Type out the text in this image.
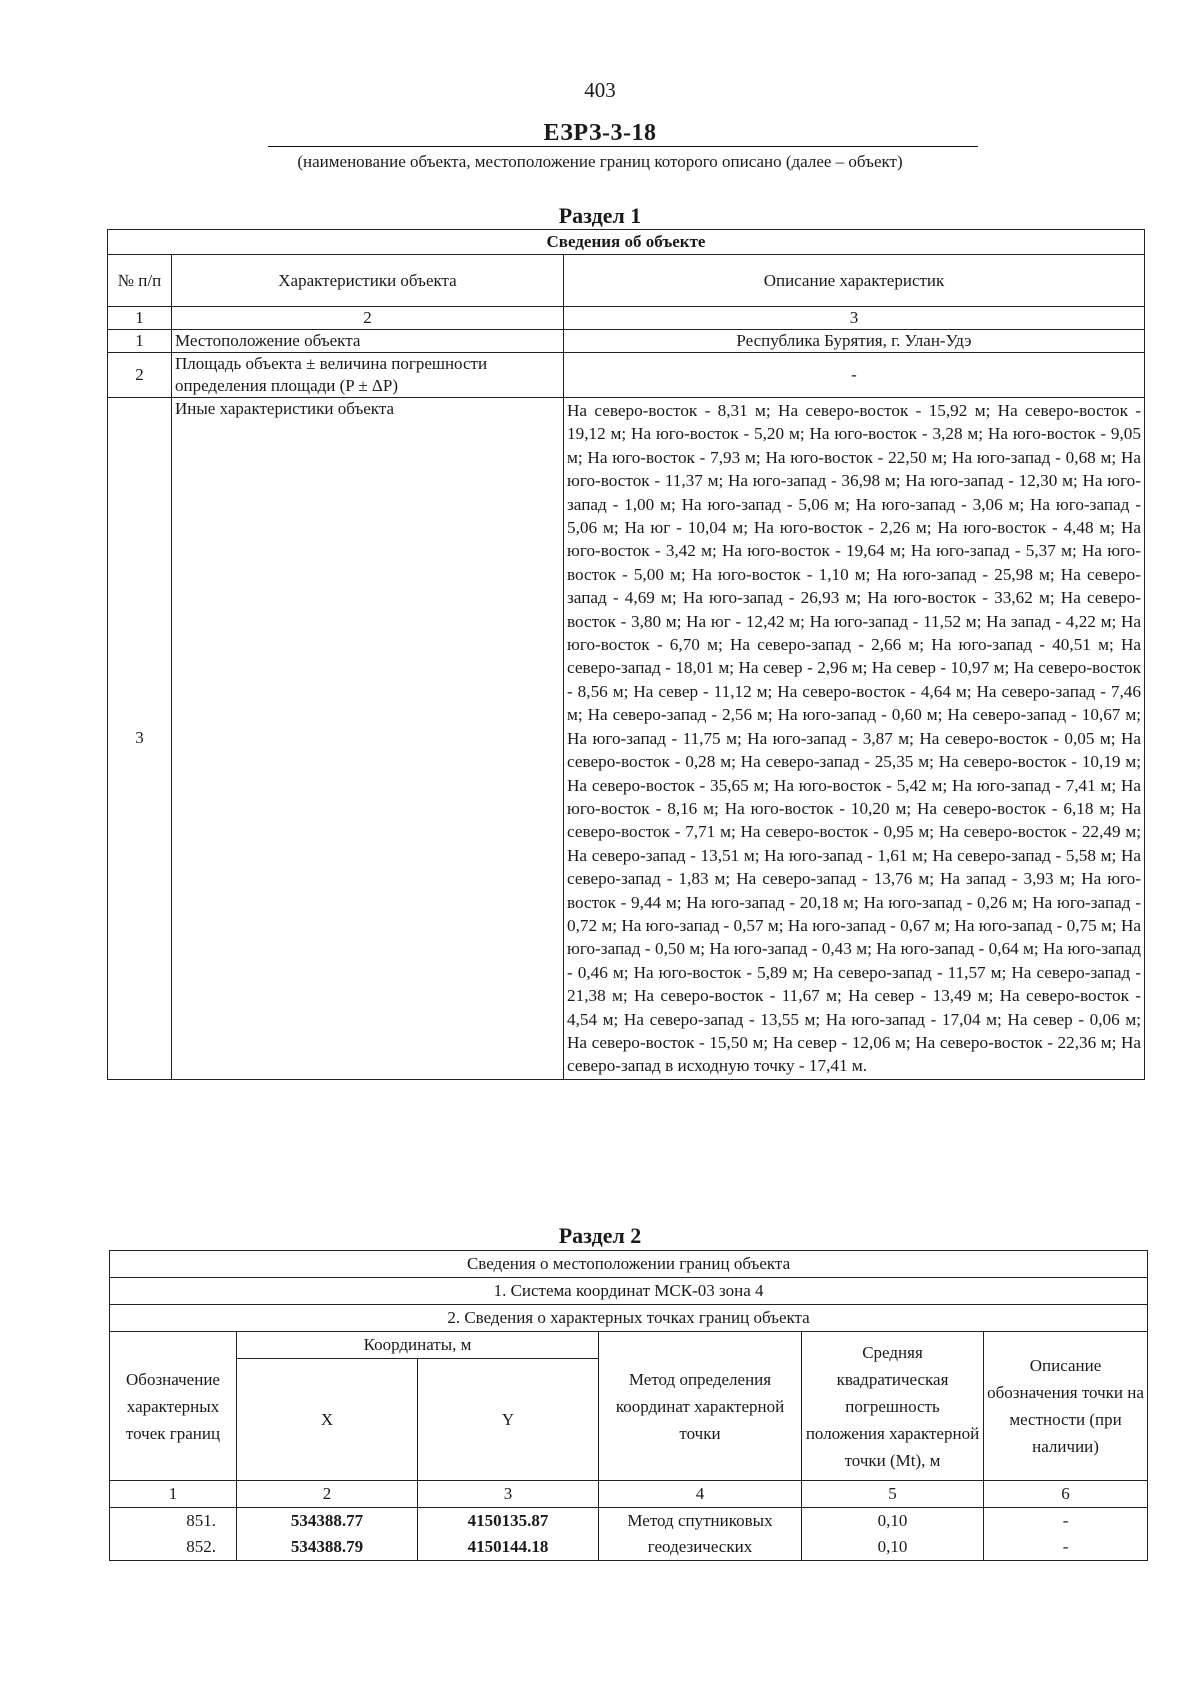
403
ЕЗРЗ-3-18
(наименование объекта, местоположение границ которого описано (далее – объект)
Раздел 1
Сведения об объекте		
№ п/п	Характеристики объекта	Описание характеристик
1	2	3
1	Местоположение объекта	Республика Бурятия, г. Улан-Удэ
2	Площадь объекта ± величина погрешности определения площади (P ± ΔP)	-
3	Иные характеристики объекта	На северо-восток - 8,31 м; На северо-восток - 15,92 м; На северо-восток - 19,12 м; На юго-восток - 5,20 м; На юго-восток - 3,28 м; На юго-восток - 9,05 м; На юго-восток - 7,93 м; На юго-восток - 22,50 м; На юго-запад - 0,68 м; На юго-восток - 11,37 м; На юго-запад - 36,98 м; На юго-запад - 12,30 м; На юго-запад - 1,00 м; На юго-запад - 5,06 м; На юго-запад - 3,06 м; На юго-запад - 5,06 м; На юг - 10,04 м; На юго-восток - 2,26 м; На юго-восток - 4,48 м; На юго-восток - 3,42 м; На юго-восток - 19,64 м; На юго-запад - 5,37 м; На юго-восток - 5,00 м; На юго-восток - 1,10 м; На юго-запад - 25,98 м; На северо-запад - 4,69 м; На юго-запад - 26,93 м; На юго-восток - 33,62 м; На северо-восток - 3,80 м; На юг - 12,42 м; На юго-запад - 11,52 м; На запад - 4,22 м; На юго-восток - 6,70 м; На северо-запад - 2,66 м; На юго-запад - 40,51 м; На северо-запад - 18,01 м; На север - 2,96 м; На север - 10,97 м; На северо-восток - 8,56 м; На север - 11,12 м; На северо-восток - 4,64 м; На северо-запад - 7,46 м; На северо-запад - 2,56 м; На юго-запад - 0,60 м; На северо-запад - 10,67 м; На юго-запад - 11,75 м; На юго-запад - 3,87 м; На северо-восток - 0,05 м; На северо-восток - 0,28 м; На северо-запад - 25,35 м; На северо-восток - 10,19 м; На северо-восток - 35,65 м; На юго-восток - 5,42 м; На юго-запад - 7,41 м; На юго-восток - 8,16 м; На юго-восток - 10,20 м; На северо-восток - 6,18 м; На северо-восток - 7,71 м; На северо-восток - 0,95 м; На северо-восток - 22,49 м; На северо-запад - 13,51 м; На юго-запад - 1,61 м; На северо-запад - 5,58 м; На северо-запад - 1,83 м; На северо-запад - 13,76 м; На запад - 3,93 м; На юго-восток - 9,44 м; На юго-запад - 20,18 м; На юго-запад - 0,26 м; На юго-запад - 0,72 м; На юго-запад - 0,57 м; На юго-запад - 0,67 м; На юго-запад - 0,75 м; На юго-запад - 0,50 м; На юго-запад - 0,43 м; На юго-запад - 0,64 м; На юго-запад - 0,46 м; На юго-восток - 5,89 м; На северо-запад - 11,57 м; На северо-запад - 21,38 м; На северо-восток - 11,67 м; На север - 13,49 м; На северо-восток - 4,54 м; На северо-запад - 13,55 м; На юго-запад - 17,04 м; На север - 0,06 м; На северо-восток - 15,50 м; На север - 12,06 м; На северо-восток - 22,36 м; На северо-запад в исходную точку - 17,41 м.
Раздел 2
Сведения о местоположении границ объекта					
1. Система координат МСК-03 зона 4					
2. Сведения о характерных точках границ объекта					
Обозначение характерных точек границ	Координаты, м		Метод определения координат характерной точки	Средняя квадратическая погрешность положения характерной точки (Mt), м	Описание обозначения точки на местности (при наличии)
	X	Y			
1	2	3	4	5	6
851.	534388.77	4150135.87	Метод спутниковых геодезических	0,10	-
852.	534388.79	4150144.18		0,10	-
